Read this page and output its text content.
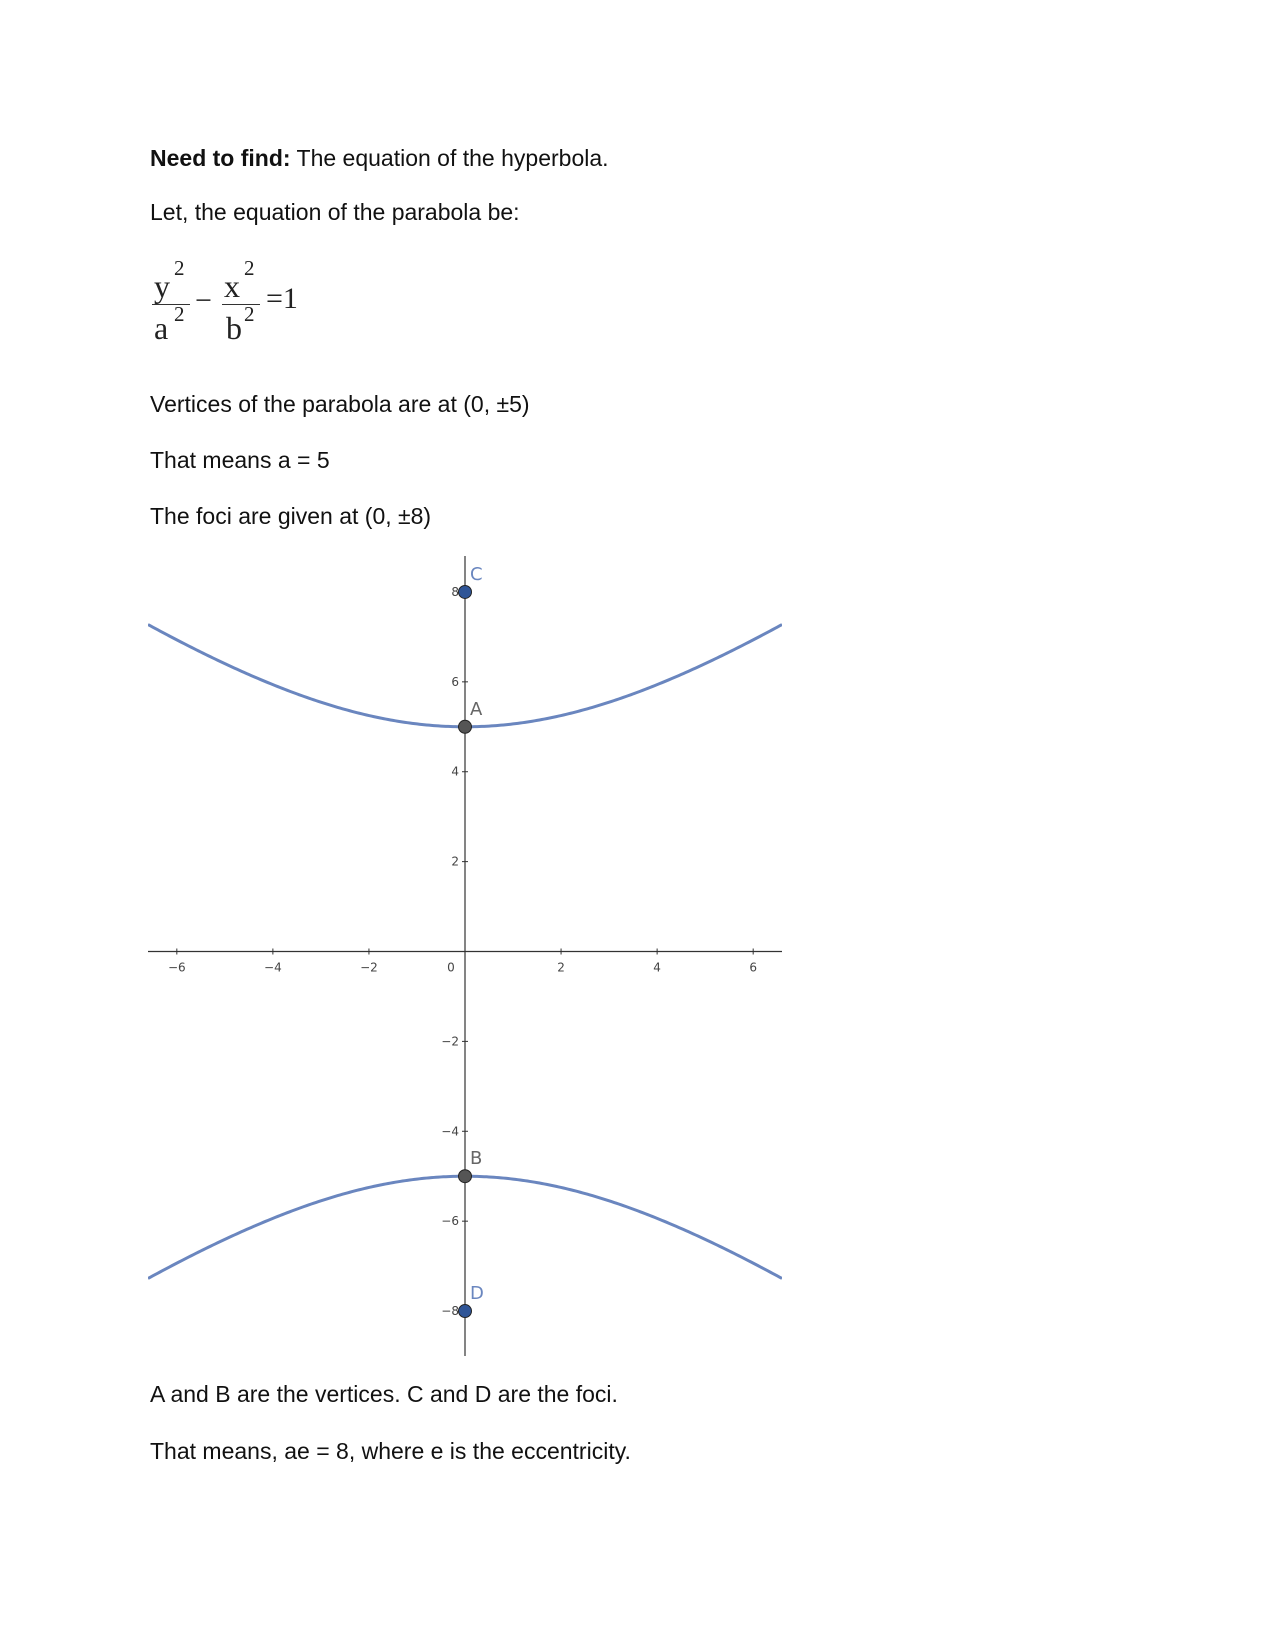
Need to find: The equation of the hyperbola.
Let, the equation of the parabola be:
y 2
a 2 − x 2
b 2 =1
Vertices of the parabola are at (0, ±5)
That means a = 5
The foci are given at (0, ±8)
−6	−4	−2	0	2	4	6
−8
−6
−4
−2
2
4
6
8
C
A
B
D
A and B are the vertices. C and D are the foci.
That means, ae = 8, where e is the eccentricity.
